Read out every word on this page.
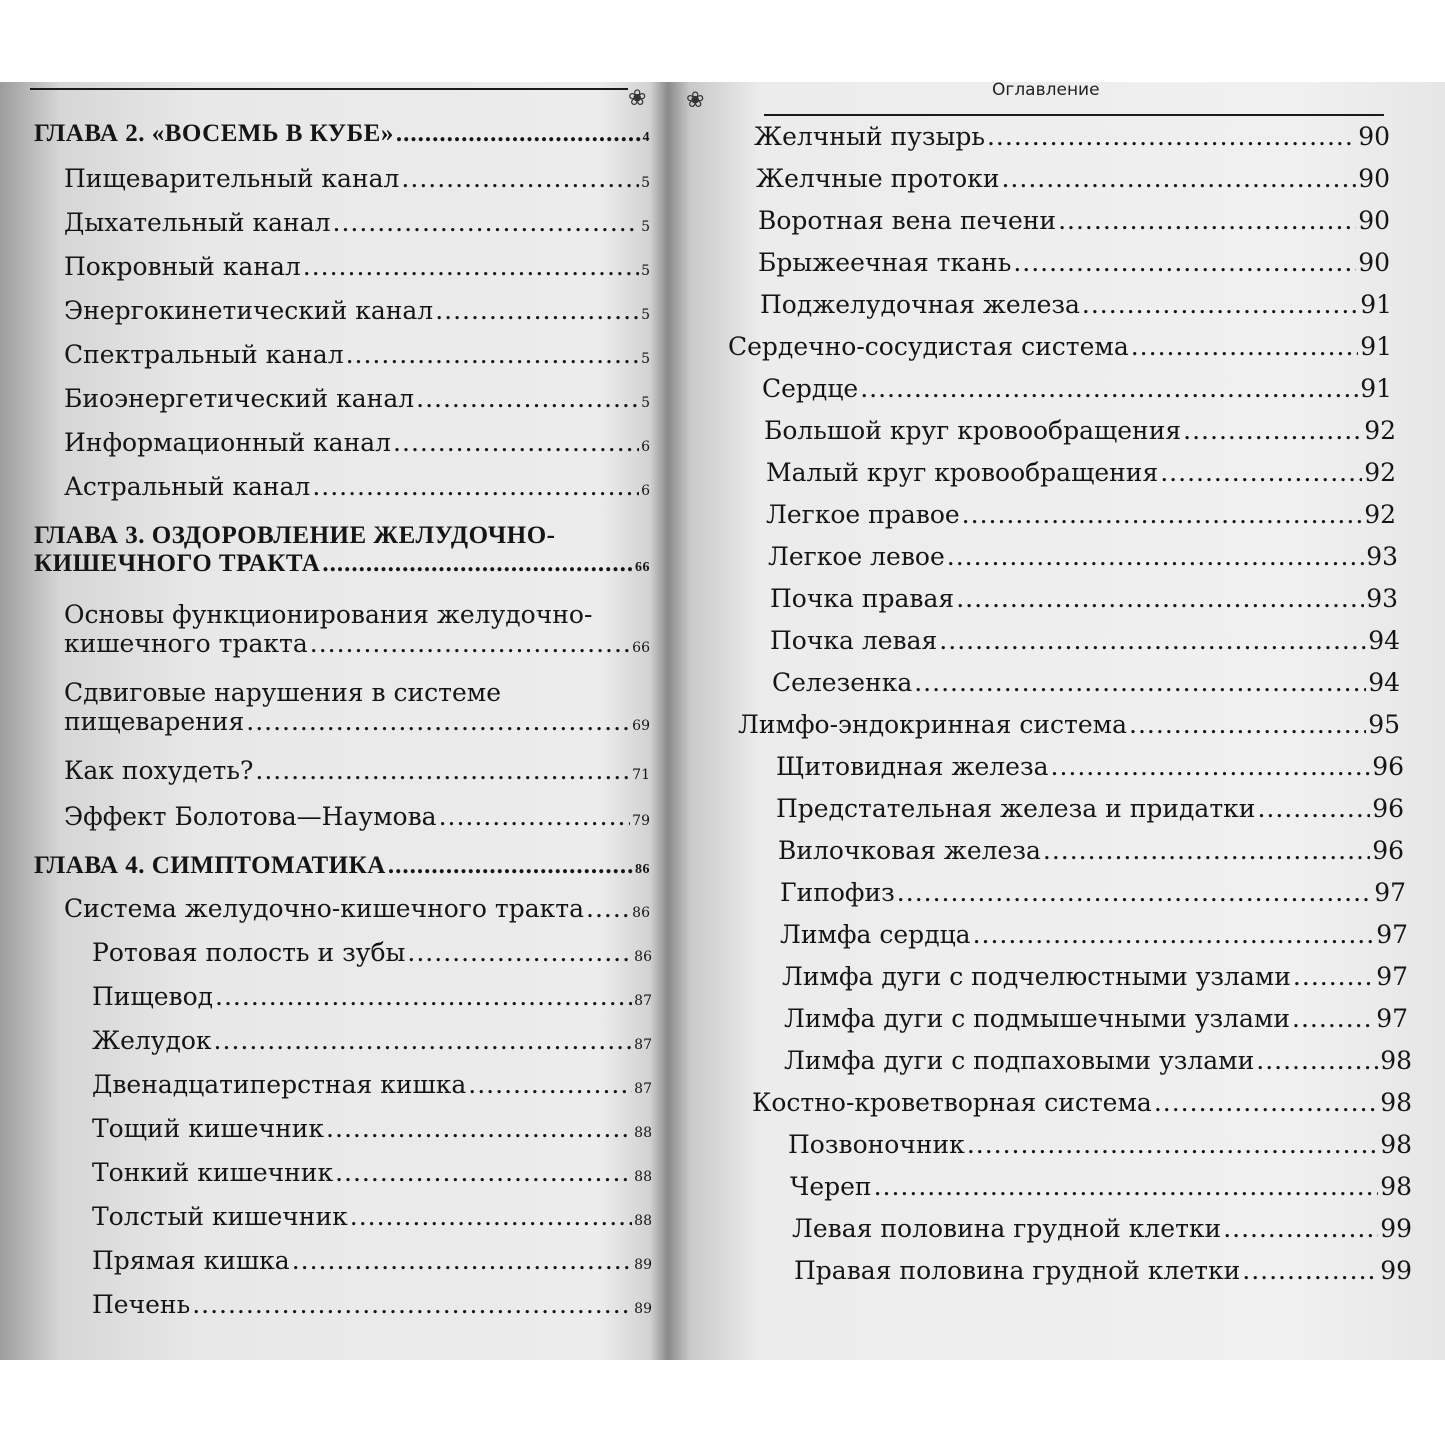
❀
ГЛАВА 2. «ВОСЕМЬ В КУБЕ» .....	4
Пищеварительный канал .....	5
Дыхательный канал .....	5
Покровный канал .....	5
Энергокинетический канал .....	5
Спектральный канал .....	5
Биоэнергетический канал .....	5
Информационный канал .....	6
Астральный канал .....	6
ГЛАВА 3. ОЗДОРОВЛЕНИЕ ЖЕЛУДОЧНО-
КИШЕЧНОГО ТРАКТА .....	66
Основы функционирования желудочно-
кишечного тракта .....	66
Сдвиговые нарушения в системе
пищеварения .....	69
Как похудеть? .....	71
Эффект Болотова—Наумова .....	79
ГЛАВА 4. СИМПТОМАТИКА .....	86
Система желудочно-кишечного тракта .....	86
Ротовая полость и зубы .....	86
Пищевод .....	87
Желудок .....	87
Двенадцатиперстная кишка .....	87
Тощий кишечник .....	88
Тонкий кишечник .....	88
Толстый кишечник .....	88
Прямая кишка .....	89
Печень .....	89
❀	Оглавление
Желчный пузырь .....	90
Желчные протоки .....	90
Воротная вена печени .....	90
Брыжеечная ткань .....	90
Поджелудочная железа .....	91
Сердечно-сосудистая система .....	91
Сердце .....	91
Большой круг кровообращения .....	92
Малый круг кровообращения .....	92
Легкое правое .....	92
Легкое левое .....	93
Почка правая .....	93
Почка левая .....	94
Селезенка .....	94
Лимфо-эндокринная система .....	95
Щитовидная железа .....	96
Предстательная железа и придатки .....	96
Вилочковая железа .....	96
Гипофиз .....	97
Лимфа сердца .....	97
Лимфа дуги с подчелюстными узлами .....	97
Лимфа дуги с подмышечными узлами .....	97
Лимфа дуги с подпаховыми узлами .....	98
Костно-кроветворная система .....	98
Позвоночник .....	98
Череп .....	98
Левая половина грудной клетки .....	99
Правая половина грудной клетки .....	99
